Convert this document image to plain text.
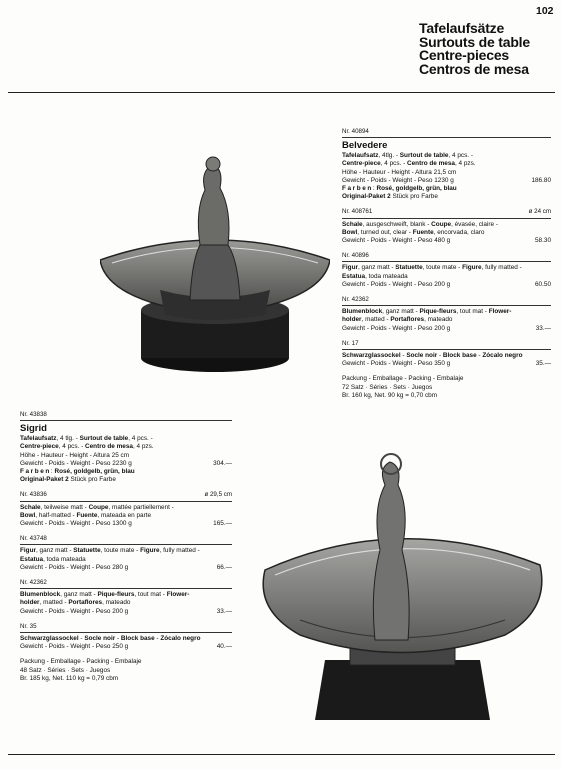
102
Tafelaufsätze
Surtouts de table
Centre-pieces
Centros de mesa
Nr. 40894
Belvedere
Tafelaufsatz, 4tlg. - Surtout de table, 4 pcs. -
Centre-piece, 4 pcs. - Centro de mesa, 4 pzs.
Höhe - Hauteur - Height - Altura 21,5 cm
Gewicht - Poids - Weight - Peso 1230 g	186.80
Farben: Rosé, goldgelb, grün, blau
Original-Paket 2 Stück pro Farbe
Nr. 408761	ø 24 cm
Schale, ausgeschweift, blank - Coupe, évasée, claire -
Bowl, turned out, clear - Fuente, encorvada, claro
Gewicht - Poids - Weight - Peso 480 g	58.30
Nr. 40896
Figur, ganz matt - Statuette, toute mate - Figure, fully matted -
Estatua, toda mateada
Gewicht - Poids - Weight - Peso 200 g	60.50
Nr. 42362
Blumenblock, ganz matt - Pique-fleurs, tout mat - Flower-
holder, matted - Portaflores, mateado
Gewicht - Poids - Weight - Peso 200 g	33.—
Nr. 17
Schwarzglassockel - Socle noir - Block base - Zócalo negro
Gewicht - Poids - Weight - Peso 350 g	35.—
Packung - Emballage - Packing - Embalaje
72 Satz · Séries · Sets · Juegos
Br. 160 kg, Net. 90 kg = 0,70 cbm
Nr. 43838
Sigrid
Tafelaufsatz, 4 tlg. - Surtout de table, 4 pcs. -
Centre-piece, 4 pcs. - Centro de mesa, 4 pzs.
Höhe - Hauteur - Height - Altura 25 cm
Gewicht - Poids - Weight - Peso 2230 g	304.—
Farben: Rosé, goldgelb, grün, blau
Original-Paket 2 Stück pro Farbe
Nr. 43836	ø 29,5 cm
Schale, teilweise matt - Coupe, mattée partiellement -
Bowl, half-matted - Fuente, mateada en parte
Gewicht - Poids - Weight - Peso 1300 g	165.—
Nr. 43748
Figur, ganz matt - Statuette, toute mate - Figure, fully matted -
Estatua, toda mateada
Gewicht - Poids - Weight - Peso 280 g	66.—
Nr. 42362
Blumenblock, ganz matt - Pique-fleurs, tout mat - Flower-
holder, matted - Portaflores, mateado
Gewicht - Poids - Weight - Peso 200 g	33.—
Nr. 35
Schwarzglassockel - Socle noir - Block base - Zócalo negro
Gewicht - Poids - Weight - Peso 250 g	40.—
Packung - Emballage - Packing - Embalaje
48 Satz · Séries · Sets · Juegos
Br. 185 kg, Net. 110 kg = 0,79 cbm
